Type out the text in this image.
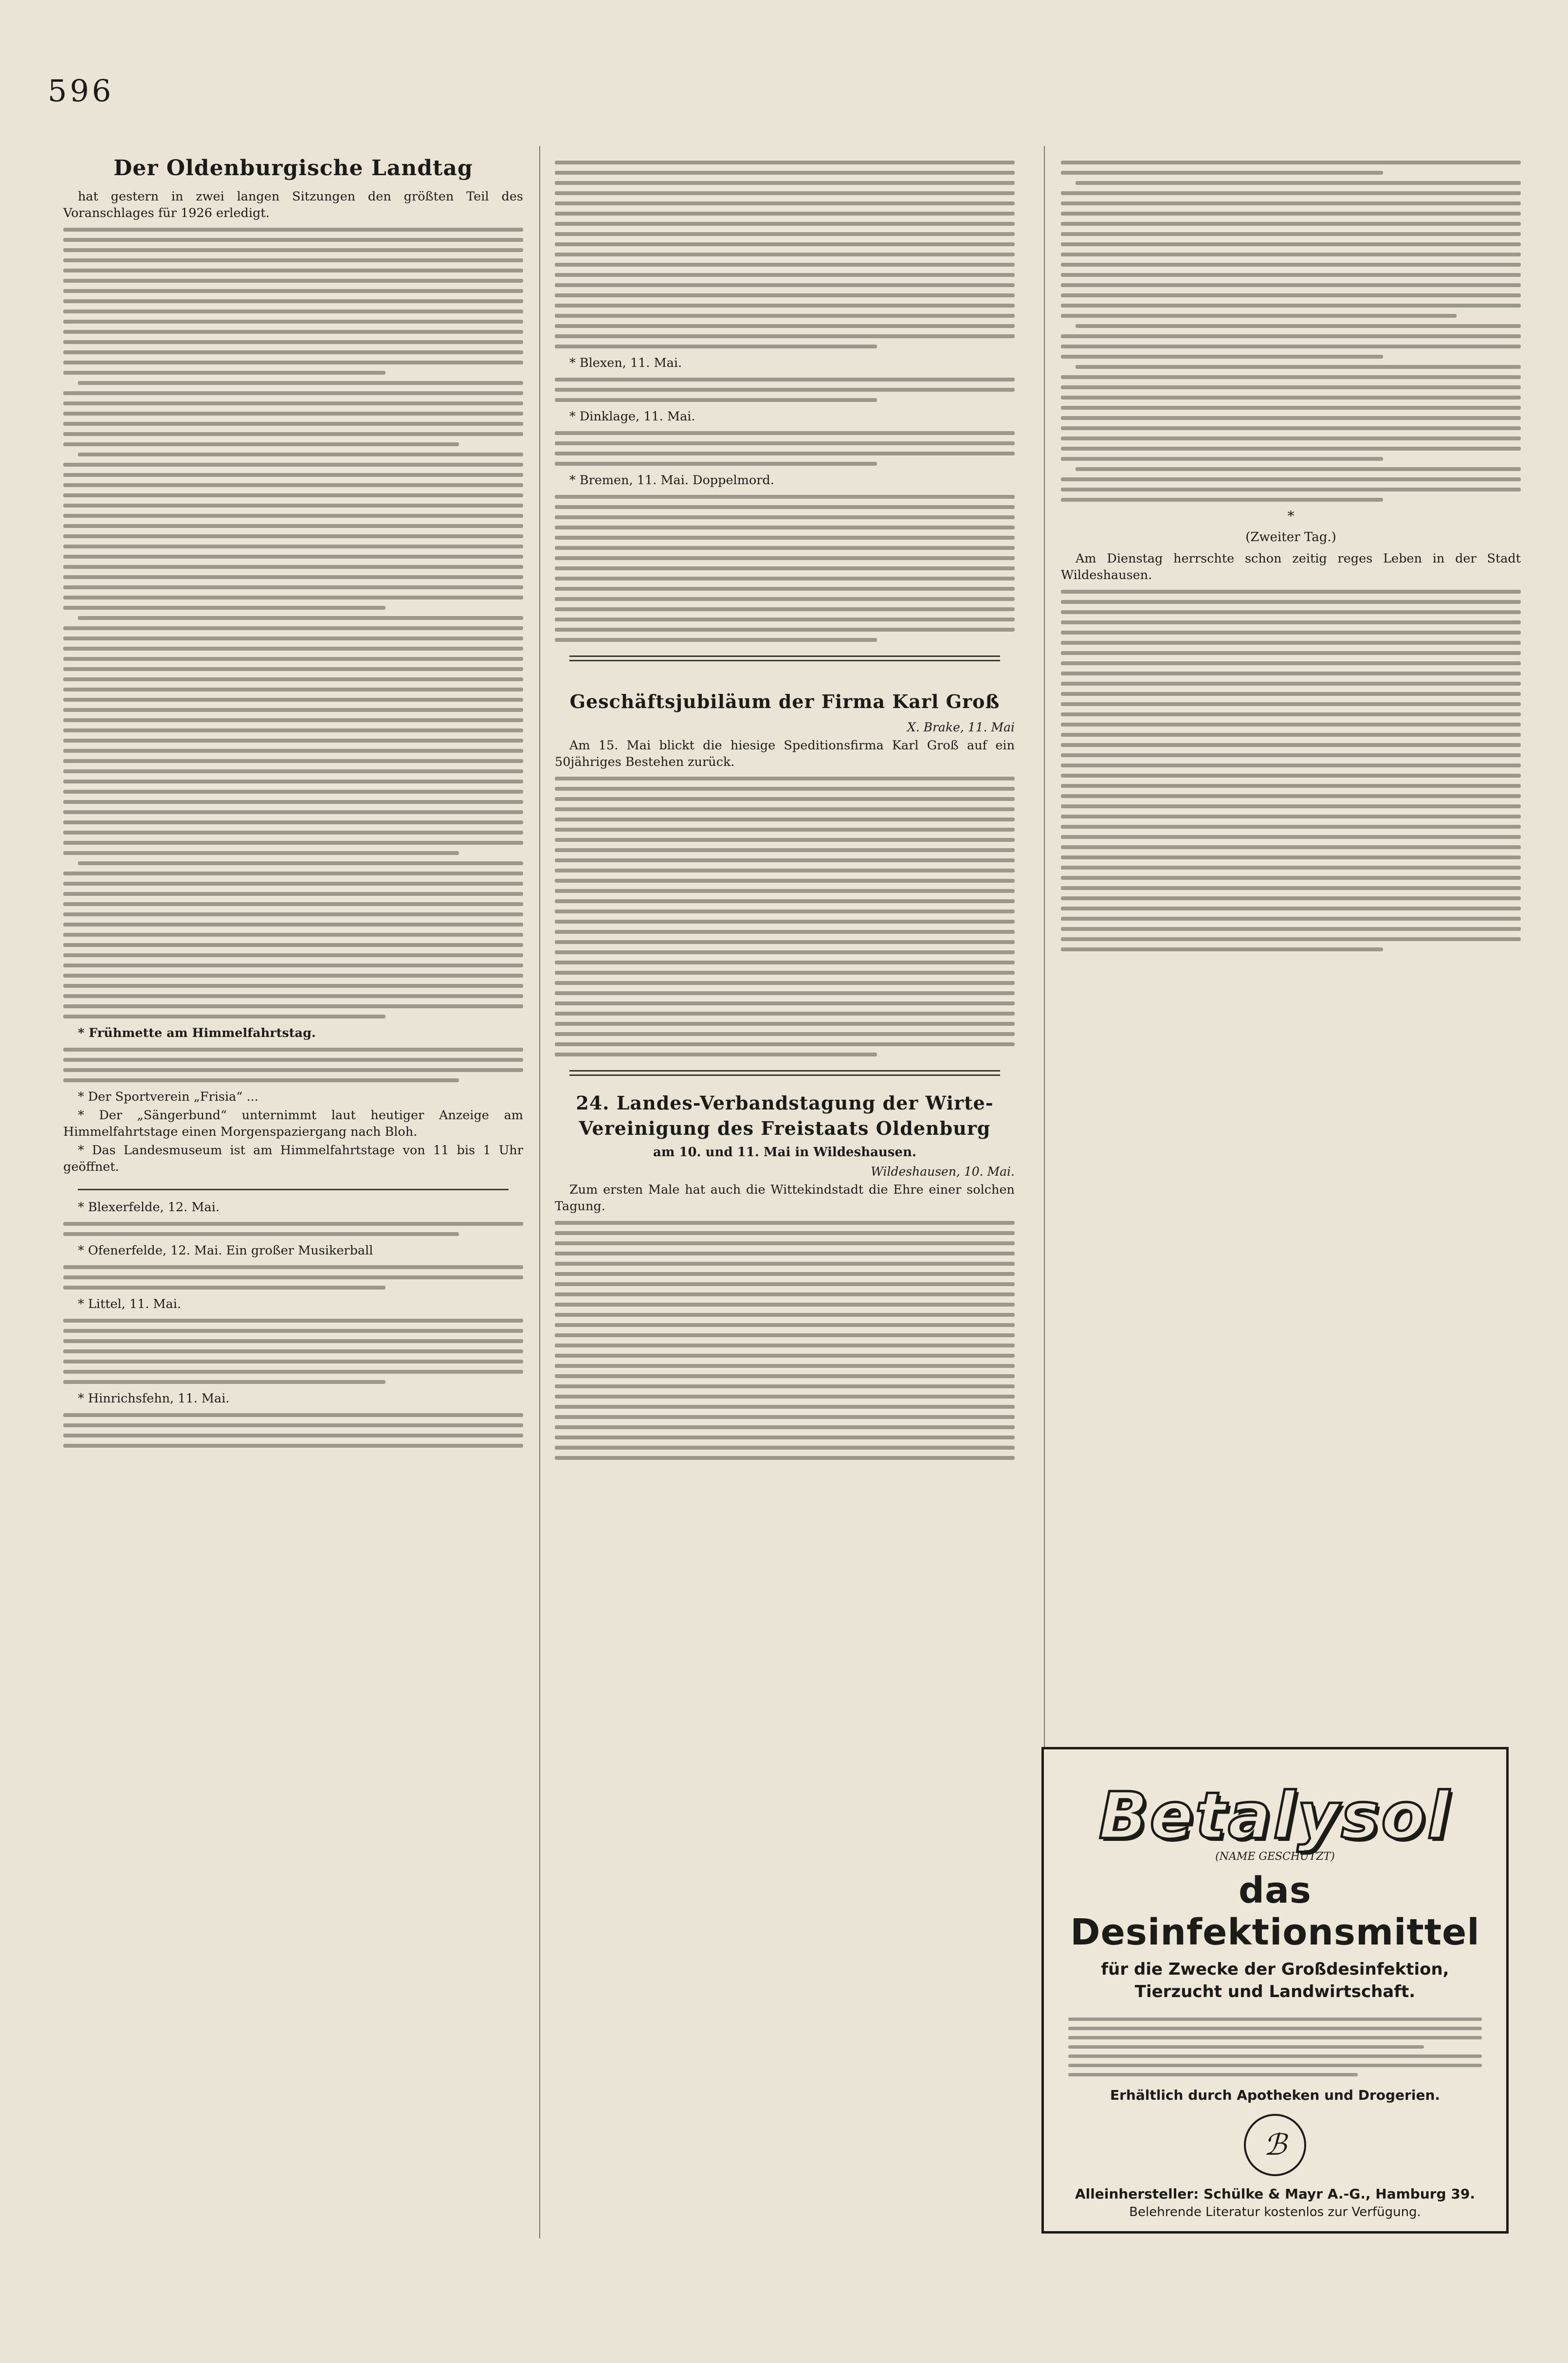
596
Der Oldenburgische Landtag

hat gestern in zwei langen Sitzungen den größten Teil des Voranschlages für 1926 erledigt.

* Frühmette am Himmelfahrtstag.

* Der Sportverein „Frisia“ ...

* Der „Sängerbund“ unternimmt laut heutiger Anzeige am Himmelfahrtstage einen Morgenspaziergang nach Bloh.

* Das Landesmuseum ist am Himmelfahrtstage von 11 bis 1 Uhr geöffnet.

* Blexerfelde, 12. Mai.

* Ofenerfelde, 12. Mai. Ein großer Musikerball

* Littel, 11. Mai.

* Hinrichsfehn, 11. Mai.

* Blexen, 11. Mai.

* Dinklage, 11. Mai.

* Bremen, 11. Mai. Doppelmord.

Geschäftsjubiläum der Firma Karl Groß
X. Brake, 11. Mai

Am 15. Mai blickt die hiesige Speditionsfirma Karl Groß auf ein 50jähriges Bestehen zurück.

24. Landes-Verbandstagung der Wirte-Vereinigung des Freistaats Oldenburg
am 10. und 11. Mai in Wildeshausen.
Wildeshausen, 10. Mai.

Zum ersten Male hat auch die Wittekindstadt die Ehre einer solchen Tagung.

*
(Zweiter Tag.)

Am Dienstag herrschte schon zeitig reges Leben in der Stadt Wildeshausen.

Betalysol
(NAME GESCHÜTZT)
das Desinfektionsmittel
für die Zwecke der Großdesinfektion, Tierzucht und Landwirtschaft.
Erhältlich durch Apotheken und Drogerien.
ℬ
Alleinhersteller: Schülke & Mayr A.-G., Hamburg 39.
Belehrende Literatur kostenlos zur Verfügung.
